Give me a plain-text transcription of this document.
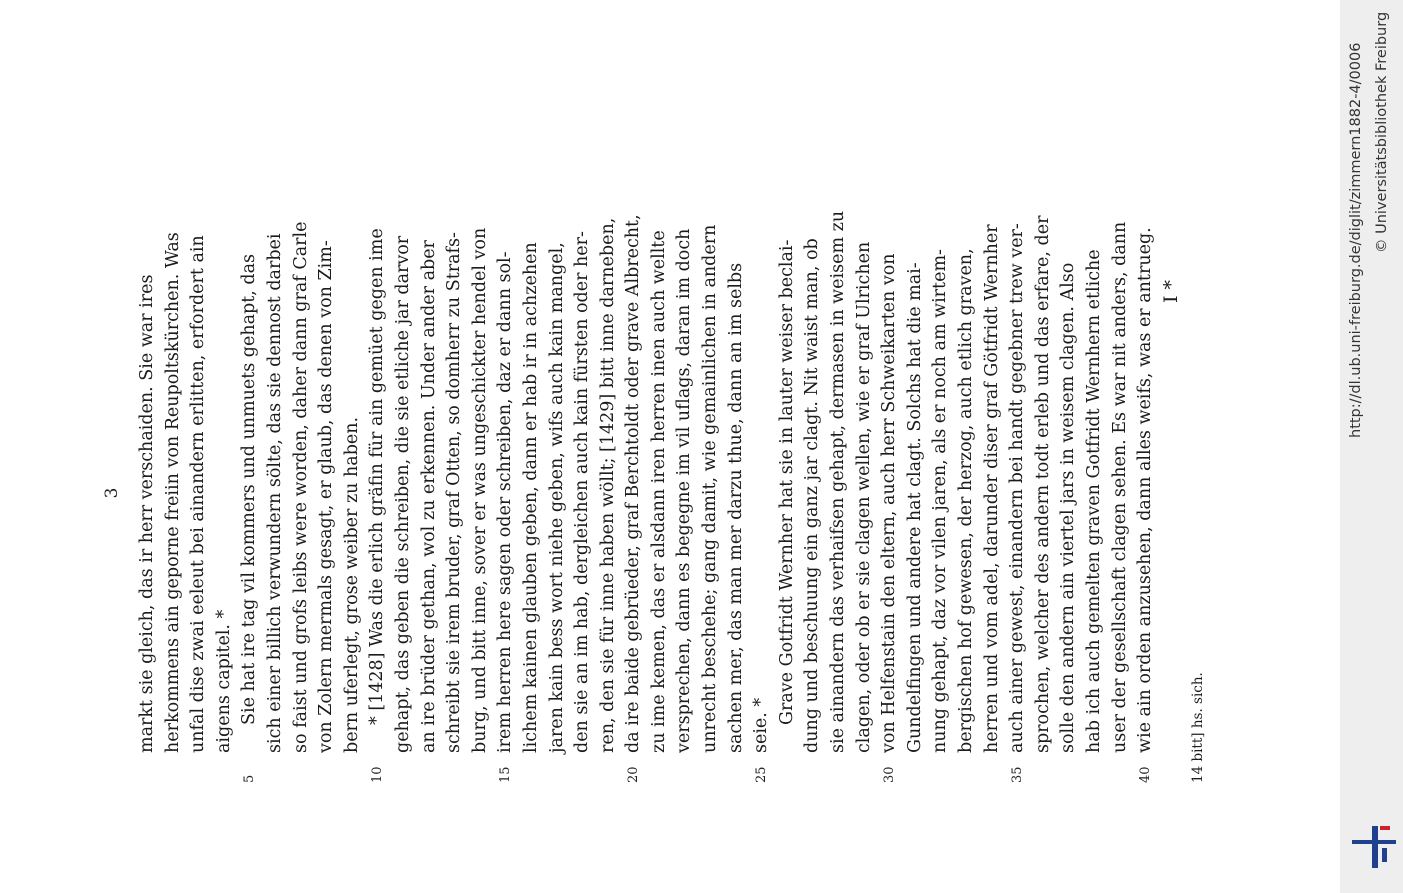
3 markt sie gleich, das ir herr verschaiden. Sie war ires herkommens ain geporne freiin von Reupoltskürchen. Was unfal dise zwai eeleut bei ainandern erlitten, erfordert ain aigens capitel. *
5
Sie hat ire tag vil kommers und unmuets gehapt, das sich einer billich verwundern sölte, das sie dennost darbei so faist und grofs leibs were worden, daher dann graf Carle von Zolern mermals gesagt, er glaub, das denen von Zim- bern uferlegt, grose weiber zu haben.
10
* [1428] Was die erlich gräfin für ain gemüet gegen ime gehapt, das geben die schreiben, die sie etliche jar darvor an ire brüder gethan, wol zu erkennen. Under ander aber schreibt sie irem bruder, graf Otten, so domherr zu Strafs- burg, und bitt inne, sover er was ungeschickter hendel von
15
irem herren here sagen oder schreiben, daz er dann sol- lichem kainen glauben geben, dann er hab ir in achzehen jaren kain bess wort niehe geben, wifs auch kain mangel, den sie an im hab, dergleichen auch kain fürsten oder her- ren, den sie für inne haben wöllt; [1429] bitt inne darneben,
20
da ire baide gebrüeder, graf Berchtoldt oder grave Albrecht, zu ime kemen, das er alsdann iren herren inen auch wellte versprechen, dann es begegne im vil uflags, daran im doch unrecht beschehe; gang damit, wie gemainlichen in andern sachen mer, das man mer darzu thue, dann an im selbs
25
seie. *
Grave Gotfridt Wernher hat sie in lauter weiser beclai- dung und beschuung ein ganz jar clagt. Nit waist man, ob sie ainandern das verhaifsen gehapt, dermasen in weisem zu clagen, oder ob er sie clagen wellen, wie er graf Ulrichen
30
von Helfenstain den eltern, auch herr Schweikarten von Gundelfingen und andere hat clagt. Solchs hat die mai- nung gehapt, daz vor vilen jaren, als er noch am wirtem- bergischen hof gewesen, der herzog, auch etlich graven, herren und vom adel, darunder diser graf Götfridt Wernher
35
auch ainer gewest, einandern bei handt gegebner trew ver- sprochen, welcher des andern todt erleb und das erfare, der solle den andern ain viertel jars in weisem clagen. Also hab ich auch gemelten graven Gotfridt Wernhern etliche user der gesellschaft clagen sehen. Es war nit anders, dann
40
wie ain orden anzusehen, dann alles weifs, was er antrueg. I *
14 bitt] hs. sich.
http://dl.ub.uni-freiburg.de/diglit/zimmern1882-4/0006 © Universitätsbibliothek Freiburg
